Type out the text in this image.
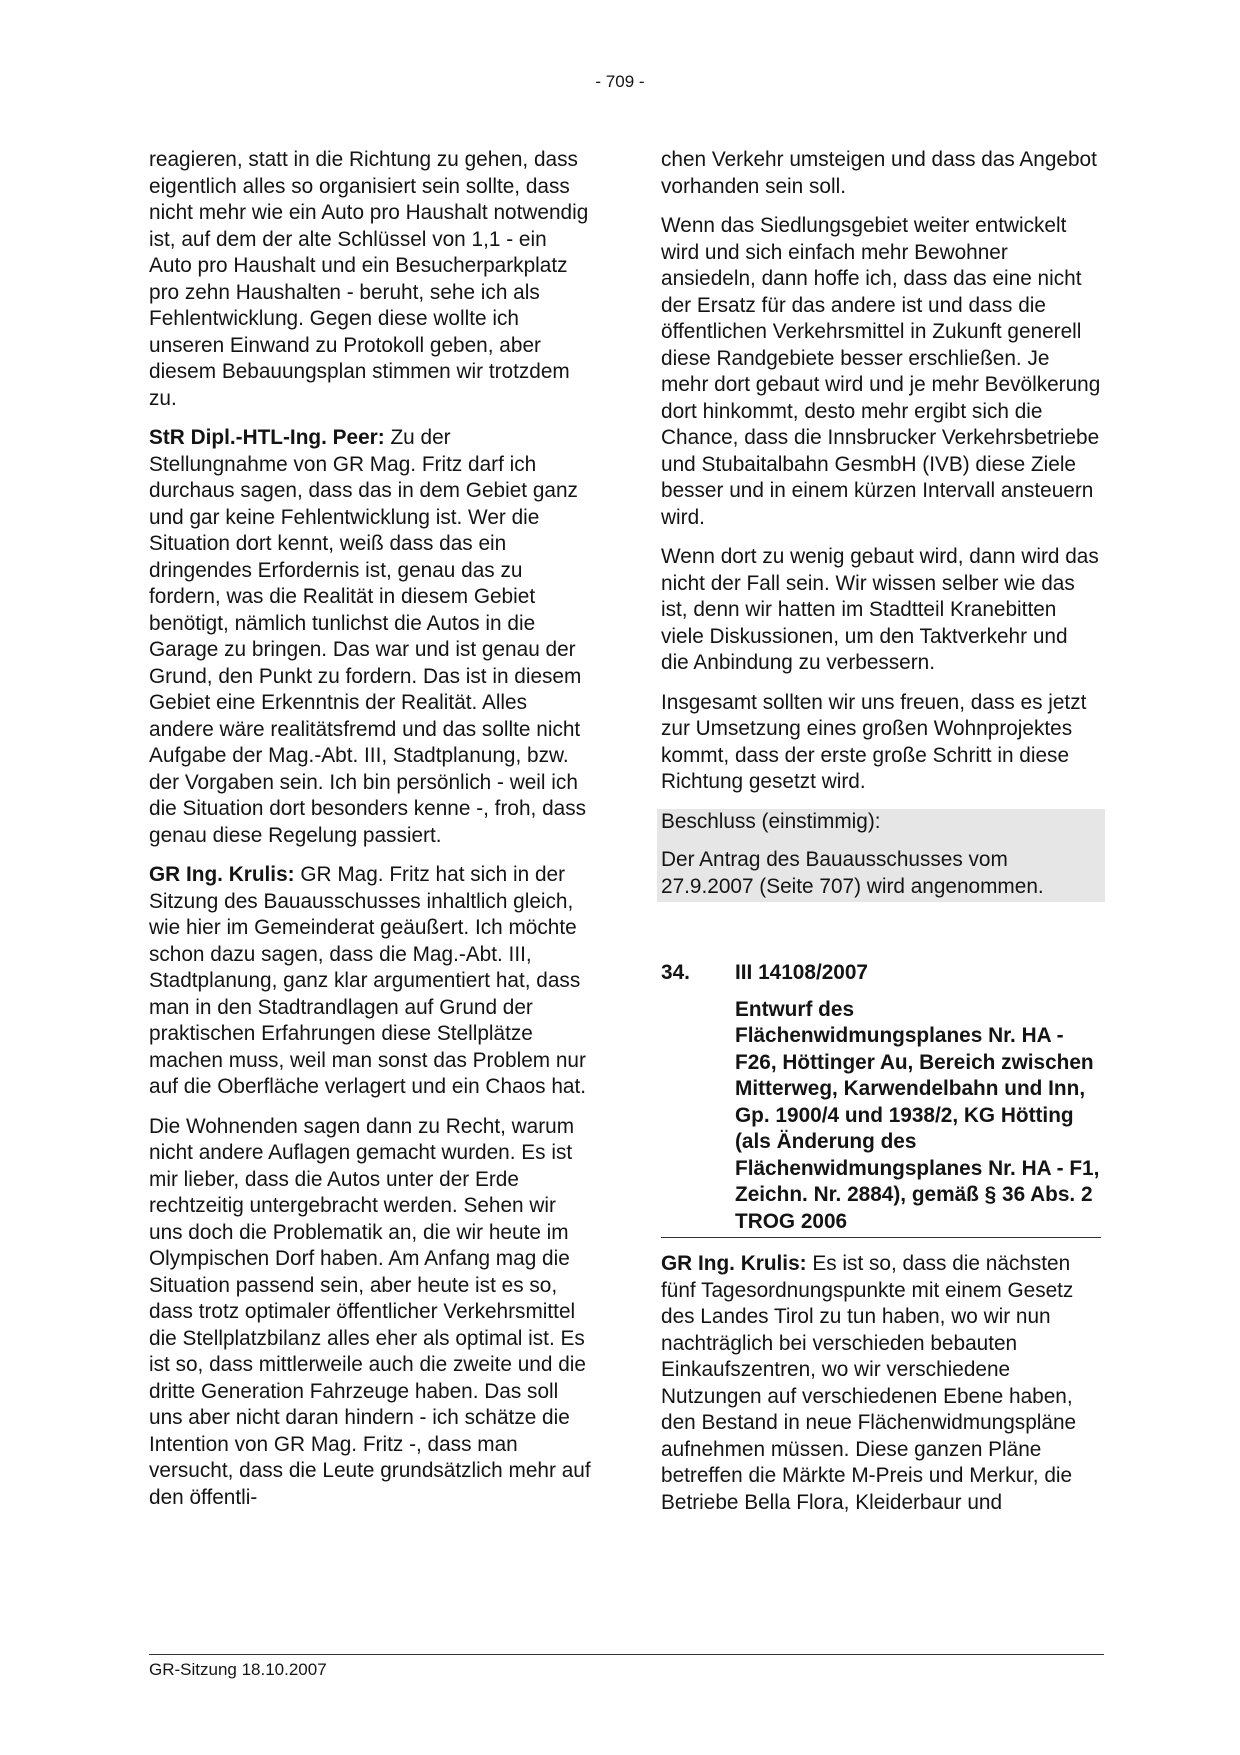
- 709 -

reagieren, statt in die Richtung zu gehen, dass eigentlich alles so organisiert sein sollte, dass nicht mehr wie ein Auto pro Haushalt notwendig ist, auf dem der alte Schlüssel von 1,1 - ein Auto pro Haushalt und ein Besucherparkplatz pro zehn Haushalten - beruht, sehe ich als Fehlentwicklung. Gegen diese wollte ich unseren Einwand zu Protokoll geben, aber diesem Bebauungsplan stimmen wir trotzdem zu.

StR Dipl.-HTL-Ing. Peer: Zu der Stellungnahme von GR Mag. Fritz darf ich durchaus sagen, dass das in dem Gebiet ganz und gar keine Fehlentwicklung ist. Wer die Situation dort kennt, weiß dass das ein dringendes Erfordernis ist, genau das zu fordern, was die Realität in diesem Gebiet benötigt, nämlich tunlichst die Autos in die Garage zu bringen. Das war und ist genau der Grund, den Punkt zu fordern. Das ist in diesem Gebiet eine Erkenntnis der Realität. Alles andere wäre realitätsfremd und das sollte nicht Aufgabe der Mag.-Abt. III, Stadtplanung, bzw. der Vorgaben sein. Ich bin persönlich - weil ich die Situation dort besonders kenne -, froh, dass genau diese Regelung passiert.

GR Ing. Krulis: GR Mag. Fritz hat sich in der Sitzung des Bauausschusses inhaltlich gleich, wie hier im Gemeinderat geäußert. Ich möchte schon dazu sagen, dass die Mag.-Abt. III, Stadtplanung, ganz klar argumentiert hat, dass man in den Stadtrandlagen auf Grund der praktischen Erfahrungen diese Stellplätze machen muss, weil man sonst das Problem nur auf die Oberfläche verlagert und ein Chaos hat.

Die Wohnenden sagen dann zu Recht, warum nicht andere Auflagen gemacht wurden. Es ist mir lieber, dass die Autos unter der Erde rechtzeitig untergebracht werden. Sehen wir uns doch die Problematik an, die wir heute im Olympischen Dorf haben. Am Anfang mag die Situation passend sein, aber heute ist es so, dass trotz optimaler öffentlicher Verkehrsmittel die Stellplatzbilanz alles eher als optimal ist. Es ist so, dass mittlerweile auch die zweite und die dritte Generation Fahrzeuge haben. Das soll uns aber nicht daran hindern - ich schätze die Intention von GR Mag. Fritz -, dass man versucht, dass die Leute grundsätzlich mehr auf den öffentli-

chen Verkehr umsteigen und dass das Angebot vorhanden sein soll.

Wenn das Siedlungsgebiet weiter entwickelt wird und sich einfach mehr Bewohner ansiedeln, dann hoffe ich, dass das eine nicht der Ersatz für das andere ist und dass die öffentlichen Verkehrsmittel in Zukunft generell diese Randgebiete besser erschließen. Je mehr dort gebaut wird und je mehr Bevölkerung dort hinkommt, desto mehr ergibt sich die Chance, dass die Innsbrucker Verkehrsbetriebe und Stubaitalbahn GesmbH (IVB) diese Ziele besser und in einem kürzen Intervall ansteuern wird.

Wenn dort zu wenig gebaut wird, dann wird das nicht der Fall sein. Wir wissen selber wie das ist, denn wir hatten im Stadtteil Kranebitten viele Diskussionen, um den Taktverkehr und die Anbindung zu verbessern.

Insgesamt sollten wir uns freuen, dass es jetzt zur Umsetzung eines großen Wohnprojektes kommt, dass der erste große Schritt in diese Richtung gesetzt wird.

Beschluss (einstimmig):

Der Antrag des Bauausschusses vom 27.9.2007 (Seite 707) wird angenommen.

34.	III 14108/2007
Entwurf des Flächenwidmungsplanes Nr. HA - F26, Höttinger Au, Bereich zwischen Mitterweg, Karwendelbahn und Inn, Gp. 1900/4 und 1938/2, KG Hötting (als Änderung des Flächenwidmungsplanes Nr. HA - F1, Zeichn. Nr. 2884), gemäß § 36 Abs. 2 TROG 2006

GR Ing. Krulis: Es ist so, dass die nächsten fünf Tagesordnungspunkte mit einem Gesetz des Landes Tirol zu tun haben, wo wir nun nachträglich bei verschieden bebauten Einkaufszentren, wo wir verschiedene Nutzungen auf verschiedenen Ebene haben, den Bestand in neue Flächenwidmungspläne aufnehmen müssen. Diese ganzen Pläne betreffen die Märkte M-Preis und Merkur, die Betriebe Bella Flora, Kleiderbaur und

GR-Sitzung 18.10.2007
